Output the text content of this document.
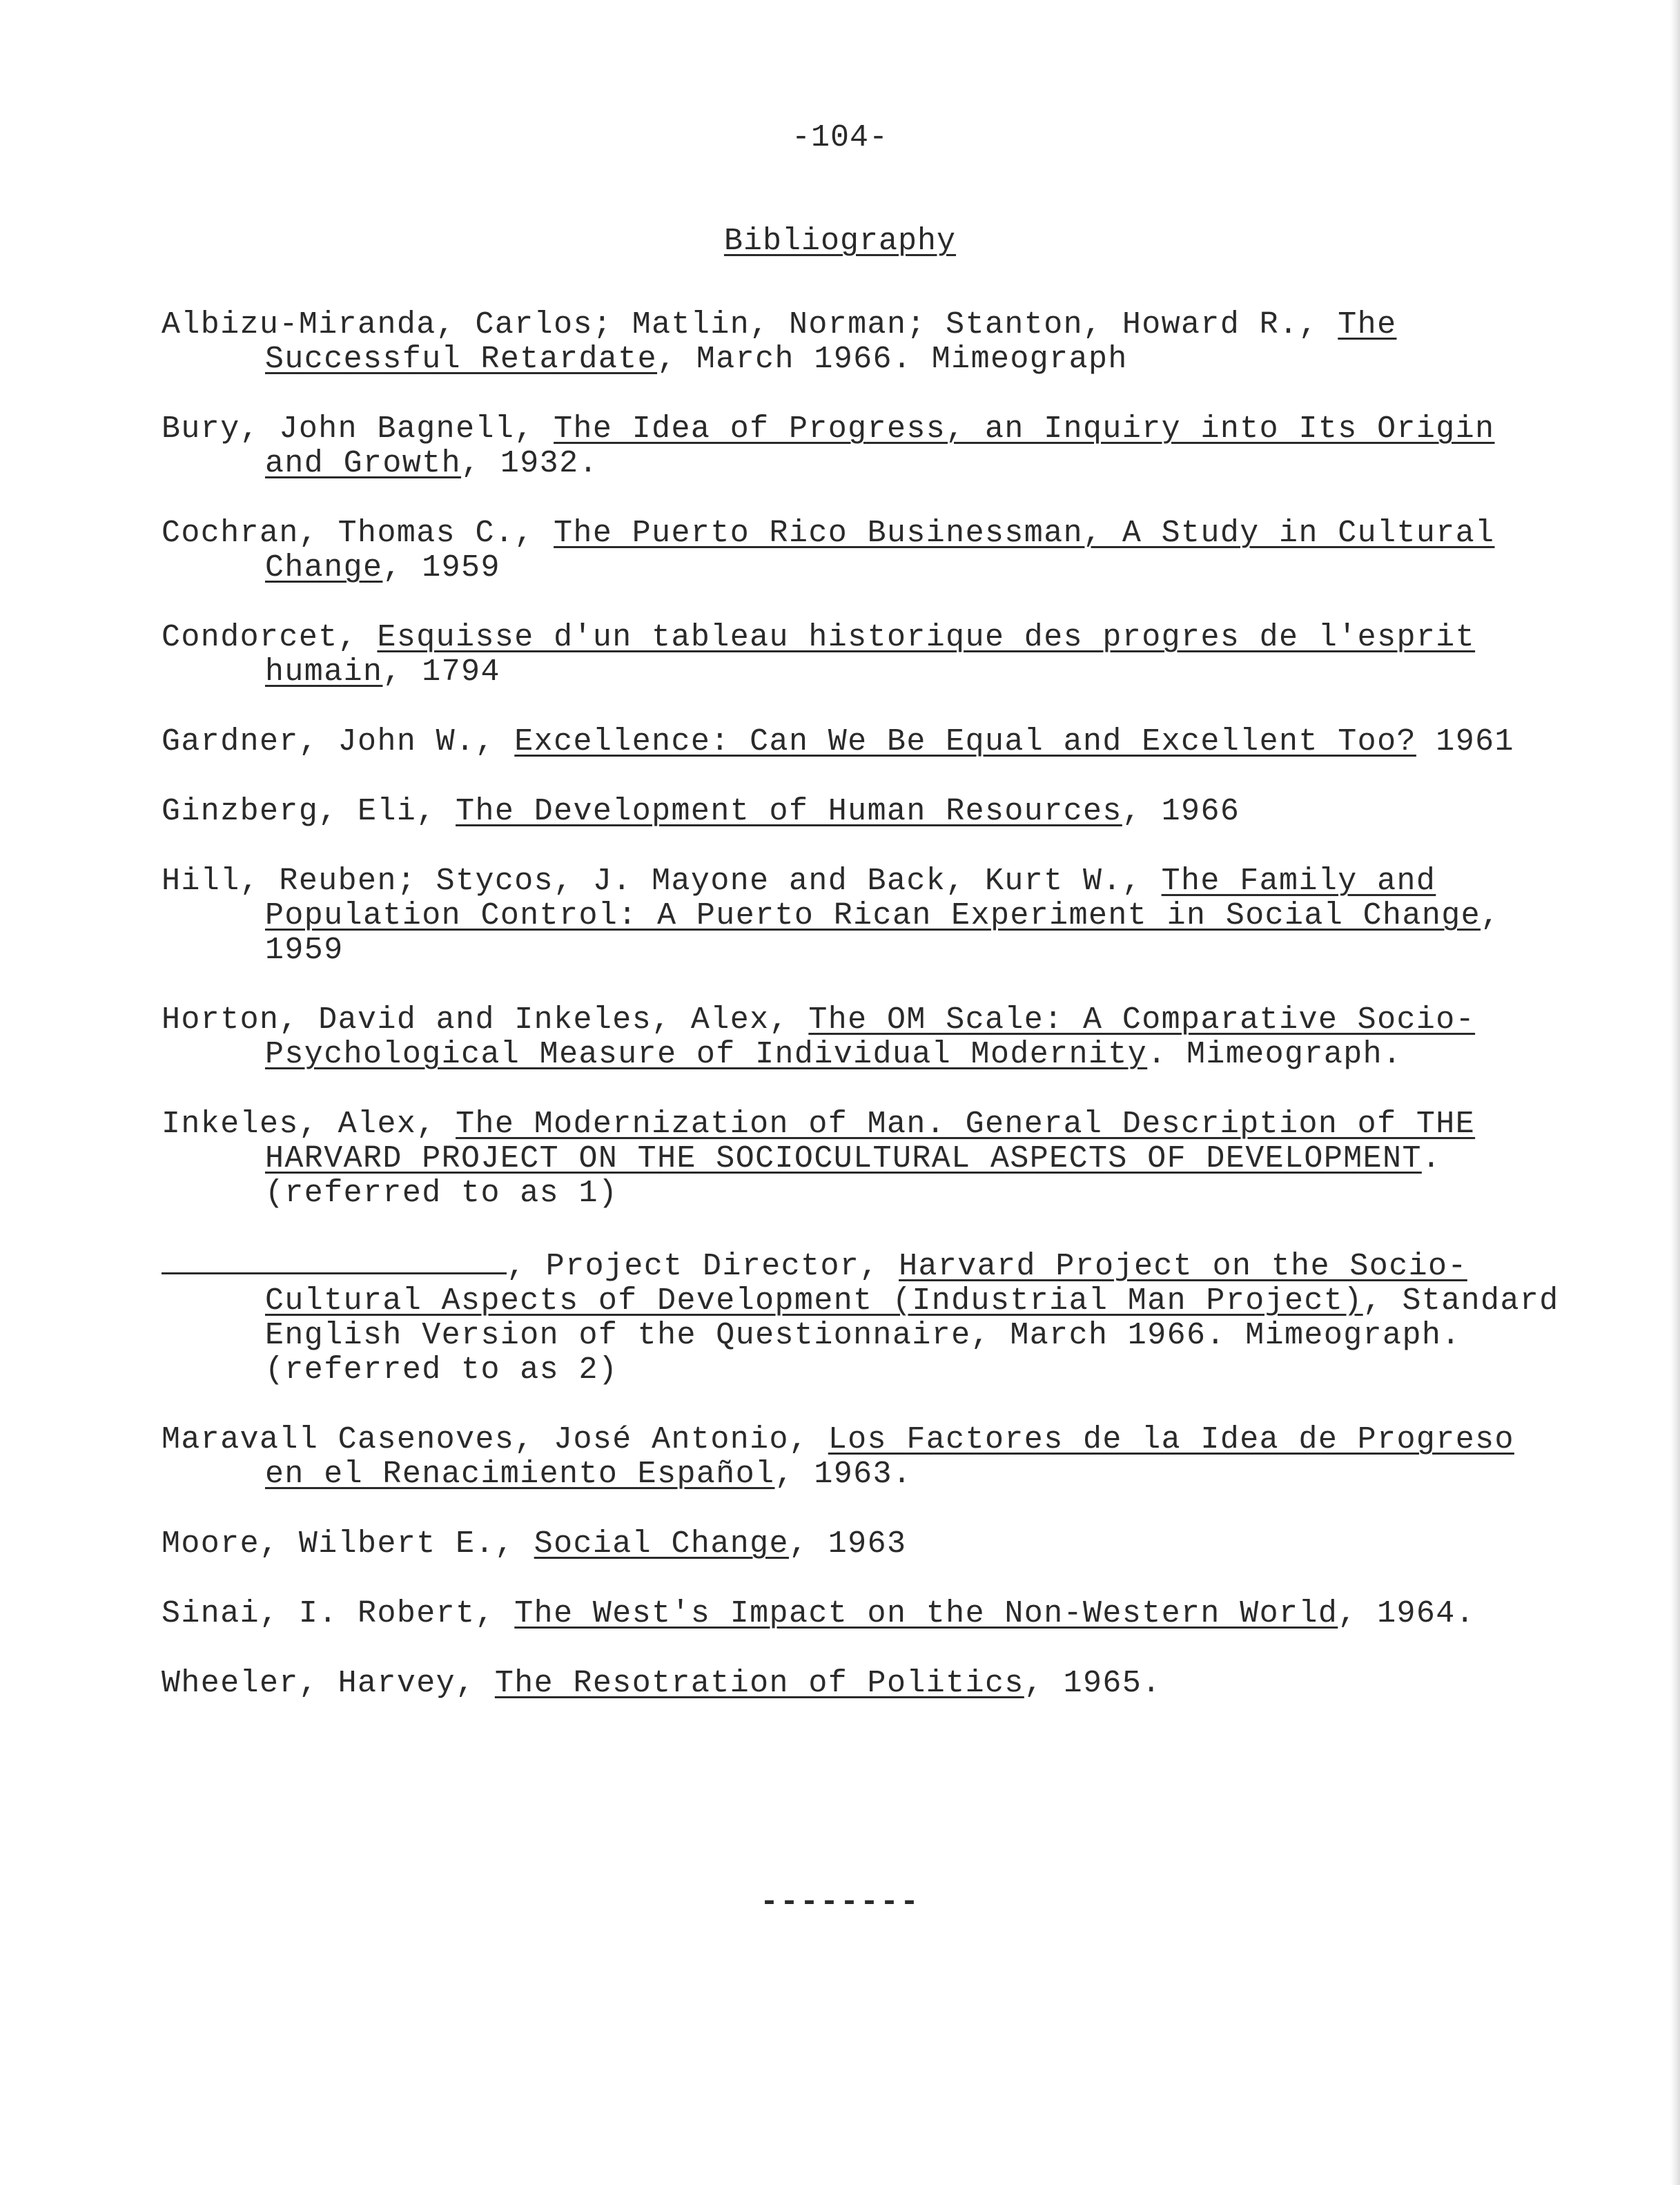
-104-
Bibliography
Albizu-Miranda, Carlos; Matlin, Norman; Stanton, Howard R., The Successful Retardate, March 1966. Mimeograph
Bury, John Bagnell, The Idea of Progress, an Inquiry into Its Origin and Growth, 1932.
Cochran, Thomas C., The Puerto Rico Businessman, A Study in Cultural Change, 1959
Condorcet, Esquisse d'un tableau historique des progres de l'esprit humain, 1794
Gardner, John W., Excellence: Can We Be Equal and Excellent Too? 1961
Ginzberg, Eli, The Development of Human Resources, 1966
Hill, Reuben; Stycos, J. Mayone and Back, Kurt W., The Family and Population Control: A Puerto Rican Experiment in Social Change, 1959
Horton, David and Inkeles, Alex, The OM Scale: A Comparative Socio-Psychological Measure of Individual Modernity. Mimeograph.
Inkeles, Alex, The Modernization of Man. General Description of THE HARVARD PROJECT ON THE SOCIOCULTURAL ASPECTS OF DEVELOPMENT. (referred to as 1)
, Project Director, Harvard Project on the Socio-Cultural Aspects of Development (Industrial Man Project), Standard English Version of the Questionnaire, March 1966. Mimeograph. (referred to as 2)
Maravall Casenoves, José Antonio, Los Factores de la Idea de Progreso en el Renacimiento Español, 1963.
Moore, Wilbert E., Social Change, 1963
Sinai, I. Robert, The West's Impact on the Non-Western World, 1964.
Wheeler, Harvey, The Resotration of Politics, 1965.
--------
